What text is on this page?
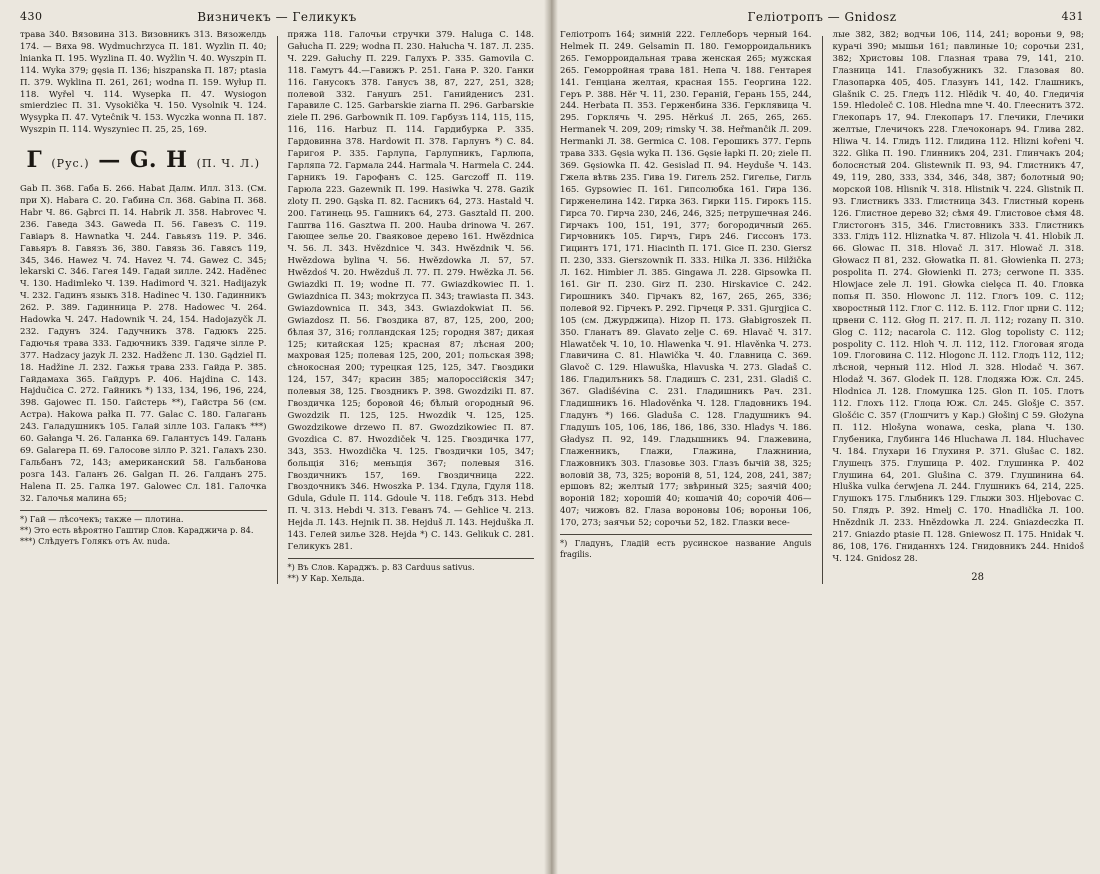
430	Визничекъ — Геликукъ

трава 340. Вязовина 313. Визовникъ 313. Вязожелдь 174. — Вяха 98. Wydmuchrzyca П. 181. Wyzlin П. 40; lnianka П. 195. Wyzlina П. 40. Wyžlin Ч. 40. Wyszpin П. 114. Wyka 379; gęsia П. 136; hiszpanska П. 187; ptasia П. 379. Wyklina П. 261, 261; wodna П. 159. Wyłup П. 118. Wyřel Ч. 114. Wysepka П. 47. Wysiogon smierdziec П. 31. Vysokička Ч. 150. Vysolnik Ч. 124. Wysypka П. 47. Vyteĉnik Ч. 153. Wyczka wonna П. 187. Wyszpin П. 114. Wyszyniec П. 25, 25, 169.

Г (Рус.) — G. H (П. Ч. Л.)

Gab П. 368. Габа Б. 266. Habat Далм. Илл. 313. (См. при X). Habara С. 20. Габина Сл. 368. Gabina П. 368. Habr Ч. 86. Gąbrci П. 14. Habrik Л. 358. Habrovec Ч. 236. Гаведа 343. Gaweda П. 56. Гавезъ С. 119. Гавіаръ 8. Hawnatka Ч. 244. Гавьязъ 119. Р. 346. Гавьяръ 8. Гавязъ 36, 380. Гавязь 36. Гавясъ 119, 345, 346. Hawez Ч. 74. Havez Ч. 74. Gawez С. 345; lekarski С. 346. Гагея 149. Гадай зилле. 242. Hadĕnec Ч. 130. Hadimleko Ч. 139. Hadimord Ч. 321. Hadijazyk Ч. 232. Гадинъ языкъ 318. Hadinec Ч. 130. Гадинникъ 262. Р. 389. Гадинница Р. 278. Hadowec Ч. 264. Hadowka Ч. 247. Hadownik Ч. 24, 154. Hadojazyčk Л. 232. Гадунъ 324. Гадучникъ 378. Гадюкъ 225. Гадючья трава 333. Гадючникъ 339. Гадяче зілле Р. 377. Hadzacy jazyk Л. 232. Hadženc Л. 130. Gądziel П. 18. Hadžine Л. 232. Гажья трава 233. Гайда Р. 385. Гайдамаха 365. Гайдуръ Р. 406. Hajdina С. 143. Hajdučica С. 272. Гайникъ *) 133, 134, 196, 196, 224, 398. Gajowec П. 150. Гайстерь **), Гайстра 56 (см. Астра). Hakowa pałka П. 77. Galac С. 180. Галагань 243. Галадушникъ 105. Галай зілле 103. Галакъ ***) 60. Gałanga Ч. 26. Галанка 69. Галантусъ 149. Галань 69. Galarepa П. 69. Галосове зілло Р. 321. Галахъ 230. Гальбанъ 72, 143; американский 58. Гальбанова розга 143. Галанъ 26. Galgan П. 26. Галданъ 275. Halena П. 25. Галка 197. Galowec Сл. 181. Галочка 32. Галочья малина 65;

*) Гай — лѣсочекъ; также — плотина.

**) Это есть вѣроятно Гаштир Слов. Караджича р. 84.

***) Слѣдуетъ Голякъ отъ Av. nuda.

пряжа 118. Галочьи стручки 379. Haluga С. 148. Gałucha П. 229; wodna П. 230. Haŀucha Ч. 187. Л. 235. Ч. 229. Gałuchy П. 229. Галухъ Р. 335. Gamovila С. 118. Гамутъ 44.—Гавижъ Р. 251. Гана Р. 320. Ганки 116. Ганусокъ 378. Ганусъ 38, 87, 227, 251, 328; полевой 332. Ганушъ 251. Ганийденисъ 231. Гаравиле С. 125. Garbarskie ziarna П. 296. Garbarskie ziele П. 296. Garbownik П. 109. Гарбузъ 114, 115, 115, 116, 116. Harbuz П. 114. Гардибурка Р. 335. Гардовинна 378. Hardowit П. 378. Гарлунъ *) С. 84. Гаригоя Р. 335. Гарлупа, Гарлупникъ, Гарлюпа, Гарляпа 72. Гармала 244. Harmala Ч. Harmela С. 244. Гарникъ 19. Гарофанъ С. 125. Garczoff П. 119. Гарюла 223. Gazewnik П. 199. Hasiwka Ч. 278. Gazik zloty П. 290. Gąska П. 82. Гасникъ 64, 273. Hastald Ч. 200. Гатинець 95. Гашникъ 64, 273. Gasztald П. 200. Гаштва 116. Gasztwa П. 200. Hauba drinowa Ч. 267. Гающее зелье 20. Гваяковое дерево 161. Hwĕzdnica Ч. 56. Л. 343. Hvĕzdnice Ч. 343. Hwĕzdnik Ч. 56. Hwĕzdowa bylina Ч. 56. Hwĕzdowka Л. 57, 57. Hwĕzdoś Ч. 20. Hwĕzduš Л. 77. П. 279. Hwĕzka Л. 56. Gwiazdki П. 19; wodne П. 77. Gwiazdkowiec П. 1. Gwiazdnica П. 343; mokrzyca П. 343; trawiasta П. 343. Gwiazdownica П. 343, 343. Gwiazdokwiat П. 56. Gwiazdosz П. 56. Гвоздика 87, 87, 125, 200, 200; бѣлая 37, 316; голландская 125; городня 387; дикая 125; китайская 125; красная 87; лѣсная 200; махровая 125; полевая 125, 200, 201; польская 398; сѣнокосная 200; турецкая 125, 125, 347. Гвоздики 124, 157, 347; красин 385; малороссійскія 347; полевыя 38, 125. Гвоздникъ Р. 398. Gwozdziki П. 87. Гвоздичка 125; боровой 46; бѣлый огородный 96. Gwozdzik П. 125, 125. Hwozdik Ч. 125, 125. Gwozdzikowe drzewo П. 87. Gwozdzikowiec П. 87. Gvozdica С. 87. Hwozdiček Ч. 125. Гвоздичка 177, 343, 353. Hwozdička Ч. 125. Гвоздички 105, 347; больщія 316; меньщія 367; полевыя 316. Гвоздичникъ 157, 169. Гвоздичница 222. Гвоздочникъ 346. Hwoszka Р. 134. Гдула, Гдуля 118. Gdula, Gdule П. 114. Gdoule Ч. 118. Гебдъ 313. Hebd П. Ч. 313. Hebdi Ч. 313. Геванъ 74. — Gehlice Ч. 213. Hejda Л. 143. Hejnik П. 38. Hejduš Л. 143. Hejduška Л. 143. Гелей зилье 328. Hejda *) С. 143. Gelikuk С. 281. Геликукъ 281.

*) Въ Слов. Караджъ. р. 83 Carduus sativus.

**) У Кар. Хельда.

Геліотропъ — Gnidosz	431

Геліотропъ 164; зимній 222. Геллеборъ черный 164. Helmek П. 249. Gelsamin П. 180. Геморроидальникъ 265. Геморроидальная трава женская 265; мужская 265. Геморройная трава 181. Непа Ч. 188. Гентарея 141. Генціана желтая, красная 155. Георгина 122. Геръ Р. 388. Нĕr Ч. 11, 230. Гераній, Герань 155, 244, 244. Herbata П. 353. Герженбина 336. Герклявица Ч. 295. Горклячь Ч. 295. Hĕrkuś Л. 265, 265, 265. Hermanek Ч. 209, 209; rimsky Ч. 38. Heřmanĉik Л. 209. Hermanki Л. 38. Germica С. 108. Герошикъ 377. Герпь трава 333. Gęsia wyka П. 136. Gęsie łapki П. 20; ziele П. 369. Gęsiowka П. 42. Gesislad П. 94. Heyduše Ч. 143. Гжела вѣтвь 235. Гива 19. Гигель 252. Гигельe, Гигль 165. Gypsowiec П. 161. Гипсолюбка 161. Гира 136. Гирженелина 142. Гирка 363. Гирки 115. Гирокъ 115. Гирса 70. Гирча 230, 246, 246, 325; петрушечная 246. Гирчакъ 100, 151, 191, 377; богородичный 265. Гирчовникъ 105. Гирчъ, Гиръ 246. Гиссонъ 173. Гицинтъ 171, 171. Hiacinth П. 171. Gice П. 230. Giersz П. 230, 333. Gierszownik П. 333. Hilka Л. 336. Hilžička Л. 162. Himbier Л. 385. Gingawa Л. 228. Gipsowka П. 161. Gir П. 230. Girz П. 230. Hirskavice С. 242. Гирошникъ 340. Гірчакъ 82, 167, 265, 265, 336; полевой 92. Гірчекъ Р. 292. Гірчеця Р. 331. Gjurgjica С. 105 (см. Джурджица). Hizop П. 173. Głabigroszek П. 350. Гланатъ 89. Glavato zelje С. 69. Hlavač Ч. 317. Hlawatček Ч. 10, 10. Hlawenka Ч. 91. Hlavěnka Ч. 273. Главичина С. 81. Hlawička Ч. 40. Главница С. 369. Glavoč С. 129. Hlawuška, Hlavuska Ч. 273. Gladaš С. 186. Гладилъникъ 58. Гладишъ С. 231, 231. Gladiš С. 367. Gladišévina С. 231. Гладишникъ Рач. 231. Гладишникъ 16. Hladověnka Ч. 128. Гладовникъ 194. Гладунъ *) 166. Gladuša С. 128. Гладушникъ 94. Гладушъ 105, 106, 186, 186, 186, 330. Hladys Ч. 186. Gładysz П. 92, 149. Гладышникъ 94. Глажевина, Глаженникъ, Глажи, Глажина, Глажниниа, Глажовникъ 303. Глазовье 303. Глазъ бычій 38, 325; воловій 38, 73, 325; вороній 8, 51, 124, 208, 241, 387; ершовъ 82; желтый 177; звѣриный 325; заячій 400; вороній 182; хорошій 40; кошачій 40; сорочій 406—407; чижовъ 82. Глаза вороновы 106; вороньи 106, 170, 273; заячьи 52; сорочьи 52, 182. Глазки весе-

*) Гладунъ, Гладій есть русинское название Anguis fragilis.

лые 382, 382; водчьи 106, 114, 241; вороньи 9, 98; курачі 390; мышьи 161; павлиные 10; сорочьи 231, 382; Христовы 108. Глазная трава 79, 141, 210. Глазница 141. Глазобужникъ 32. Глазовая 80. Глазопарка 405, 405. Глазунъ 141, 142. Глашникъ, Glašnik С. 25. Гледъ 112. Hlĕdik Ч. 40, 40. Гледичія 159. Hledoleč С. 108. Hledna mne Ч. 40. Глееснитъ 372. Глекопаръ 17, 94. Глекопаръ 17. Глечики, Глечики желтые, Глечичокъ 228. Глечоконаръ 94. Глива 282. Hliwa Ч. 14. Глидъ 112. Глидина 112. Hlizni koȓeni Ч. 322. Glika П. 190. Глинникъ 204, 231. Глинчакъ 204; болоснстый 204. Glistewnik П. 93, 94. Глистникъ 47, 49, 119, 280, 333, 334, 346, 348, 387; болотный 90; морской 108. Hlisnik Ч. 318. Hlistnik Ч. 224. Glistnik П. 93. Глистникъ 333. Глистница 343. Глистный корень 126. Глистное дерево 32; сѣмя 49. Глистовое сѣмя 48. Глистогонъ 315, 346. Глистовникъ 333. Глистникъ 333. Глідъ 112. Hliznatka Ч. 87. Hlizola Ч. 41. Hlobik Л. 66. Glowac П. 318. Hlovač Л. 317. Hlowač Л. 318. Głowacz П 81, 232. Głowatka П. 81. Głowienka П. 273; pospolita П. 274. Głowienki П. 273; cerwone П. 335. Hlowjace zele Л. 191. Głowka cielęca П. 40. Гловка попья П. 350. Hlowonc Л. 112. Глогъ 109. С. 112; хворостный 112. Глог С. 112. Б. 112. Глог црни С. 112; црвени С. 112. Głog П. 217. П. Л. 112; rozany П. 310. Glog С. 112; nacarola С. 112. Glog topolisty С. 112; pospolity С. 112. Hloh Ч. Л. 112, 112. Глоговая ягода 109. Глоговина С. 112. Hlogonc Л. 112. Глодъ 112, 112; лѣсной, черный 112. Hlod Л. 328. Hlodač Ч. 367. Hlodaž Ч. 367. Glodek П. 128. Глодяжа Юж. Сл. 245. Hlodnica Л. 128. Гломушка 125. Glon П. 105. Глотъ 112. Глохъ 112. Глоца Юж. Сл. 245. Glošje С. 357. Glošćic С. 357 (Глошчитъ у Кар.) Głošinj С 59. Głożyna П. 112. Hlošyna wonawa, ceska, plana Ч. 130. Глубеника, Глубинга 146 Hluchawa Л. 184. Hluchavec Ч. 184. Глухари 16 Глухиня Р. 371. Glušac С. 182. Глушецъ 375. Глушица Р. 402. Глушинка Р. 402 Глушина 64, 201. Glušina С. 379. Глушинина 64. Hluška vulka ćerwjena Л. 244. Глушникъ 64, 214, 225. Глушокъ 175. Глыбникъ 129. Глыжи 303. Hljebovac С. 50. Глядъ Р. 392. Hmelj С. 170. Hnadlička Л. 100. Hnĕzdnik Л. 233. Hnĕzdowka Л. 224. Gniazdeczka П. 217. Gniazdo ptasie П. 128. Gniewosz П. 175. Hnidak Ч. 86, 108, 176. Гниданнхъ 124. Гнидовникъ 244. Hnidoš Ч. 124. Gnidosz 28.

28
